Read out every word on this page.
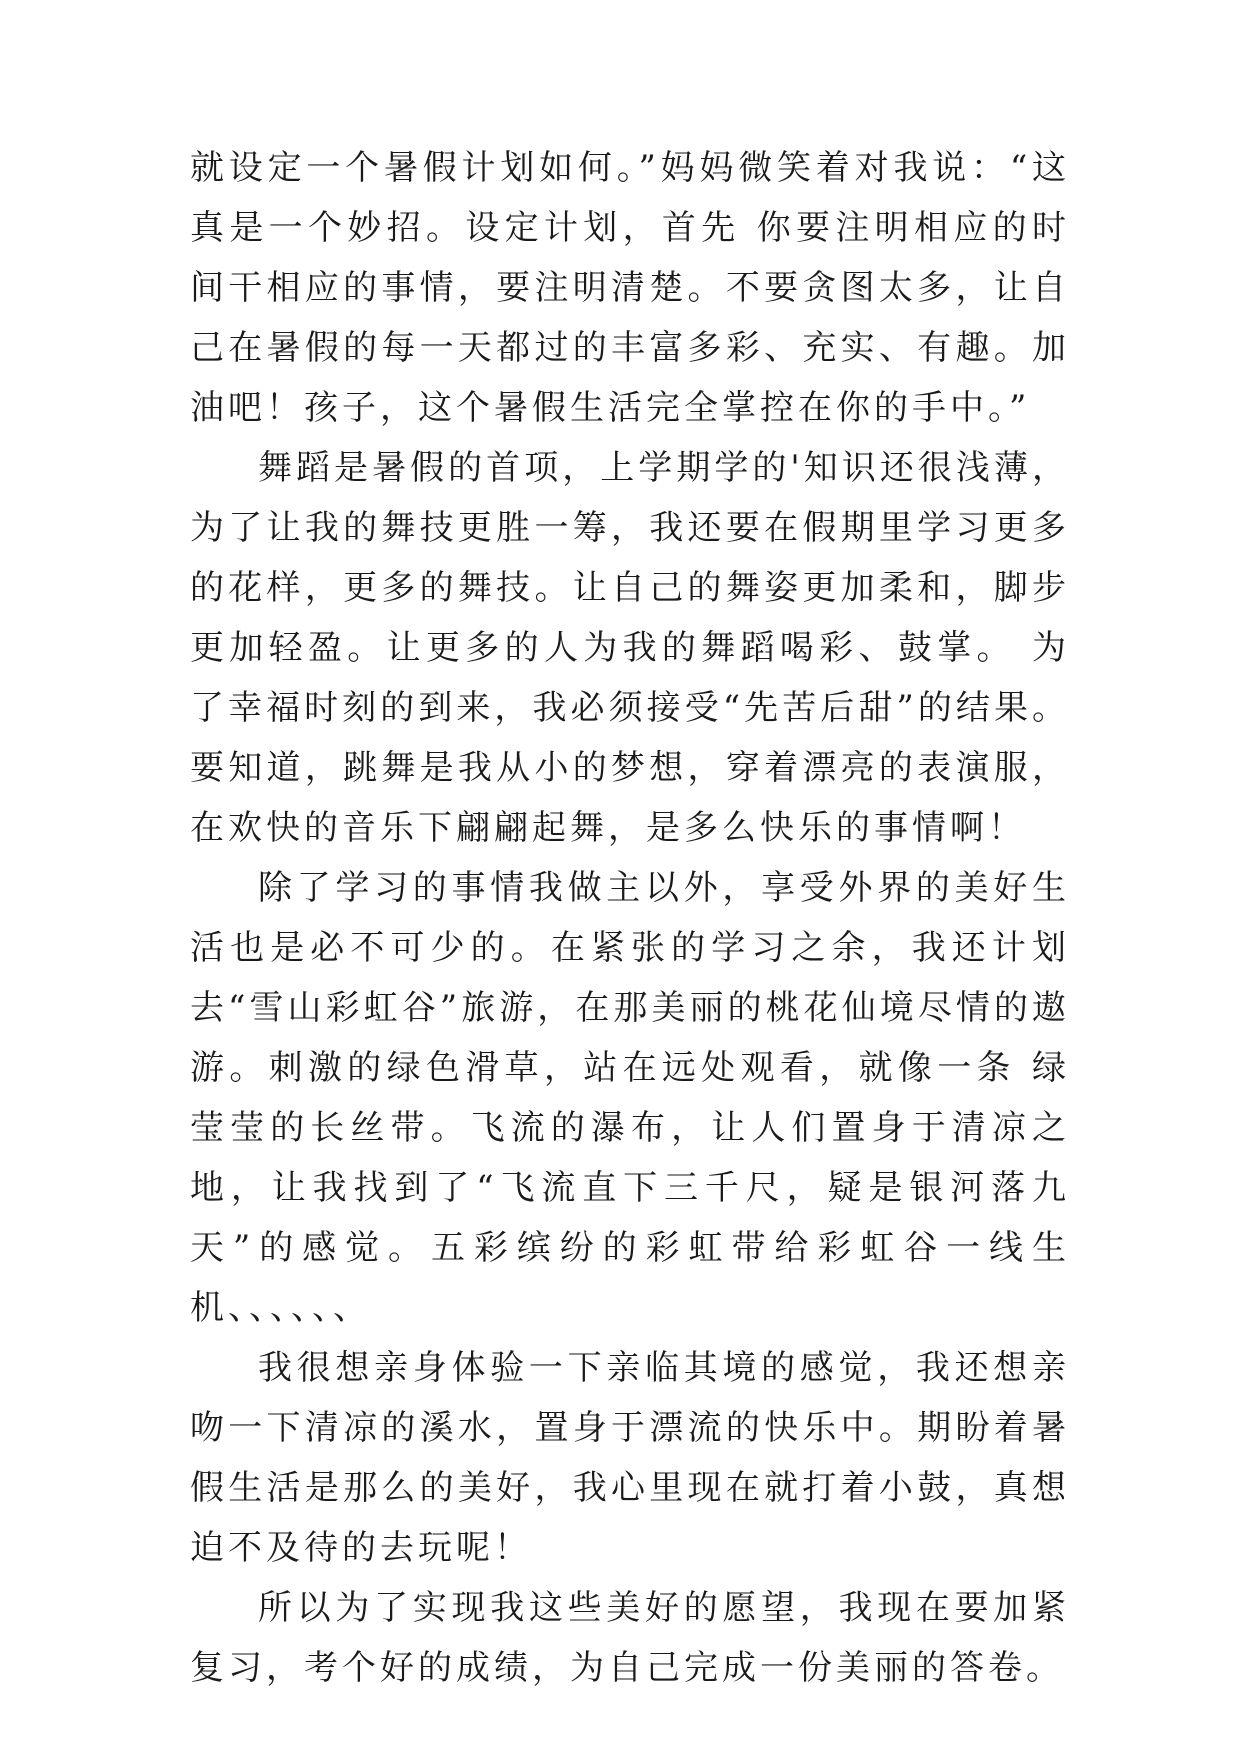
就设定一个暑假计划如何。”妈妈微笑着对我说：“这真是一个妙招。设定计划，首先 你要注明相应的时间干相应的事情，要注明清楚。不要贪图太多，让自己在暑假的每一天都过的丰富多彩、充实、有趣。加油吧！孩子，这个暑假生活完全掌控在你的手中。”

舞蹈是暑假的首项，上学期学的'知识还很浅薄，为了让我的舞技更胜一筹，我还要在假期里学习更多的花样，更多的舞技。让自己的舞姿更加柔和，脚步更加轻盈。让更多的人为我的舞蹈喝彩、鼓掌。 为了幸福时刻的到来，我必须接受“先苦后甜”的结果。要知道，跳舞是我从小的梦想，穿着漂亮的表演服，在欢快的音乐下翩翩起舞，是多么快乐的事情啊！

除了学习的事情我做主以外，享受外界的美好生活也是必不可少的。在紧张的学习之余，我还计划去“雪山彩虹谷”旅游，在那美丽的桃花仙境尽情的遨游。刺激的绿色滑草，站在远处观看，就像一条 绿莹莹的长丝带。飞流的瀑布，让人们置身于清凉之地，让我找到了“飞流直下三千尺，疑是银河落九天”的感觉。五彩缤纷的彩虹带给彩虹谷一线生机、、、、、、

我很想亲身体验一下亲临其境的感觉，我还想亲吻一下清凉的溪水，置身于漂流的快乐中。期盼着暑假生活是那么的美好，我心里现在就打着小鼓，真想迫不及待的去玩呢！

所以为了实现我这些美好的愿望，我现在要加紧复习，考个好的成绩，为自己完成一份美丽的答卷。
